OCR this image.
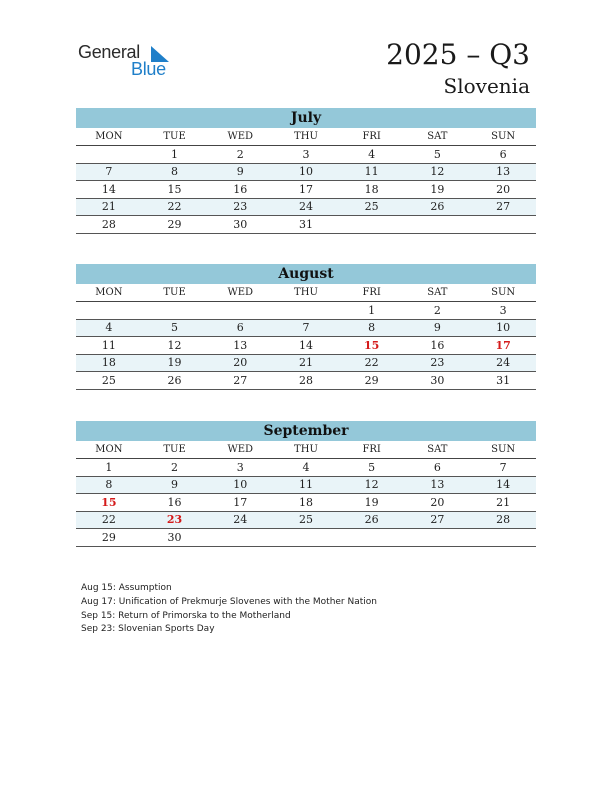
General
Blue	2025 – Q3
Slovenia
July
MON	TUE	WED	THU	FRI	SAT	SUN
	1	2	3	4	5	6
7	8	9	10	11	12	13
14	15	16	17	18	19	20
21	22	23	24	25	26	27
28	29	30	31			
August
MON	TUE	WED	THU	FRI	SAT	SUN
				1	2	3
4	5	6	7	8	9	10
11	12	13	14	15	16	17
18	19	20	21	22	23	24
25	26	27	28	29	30	31
September
MON	TUE	WED	THU	FRI	SAT	SUN
1	2	3	4	5	6	7
8	9	10	11	12	13	14
15	16	17	18	19	20	21
22	23	24	25	26	27	28
29	30					
Aug 15: Assumption
Aug 17: Unification of Prekmurje Slovenes with the Mother Nation
Sep 15: Return of Primorska to the Motherland
Sep 23: Slovenian Sports Day
